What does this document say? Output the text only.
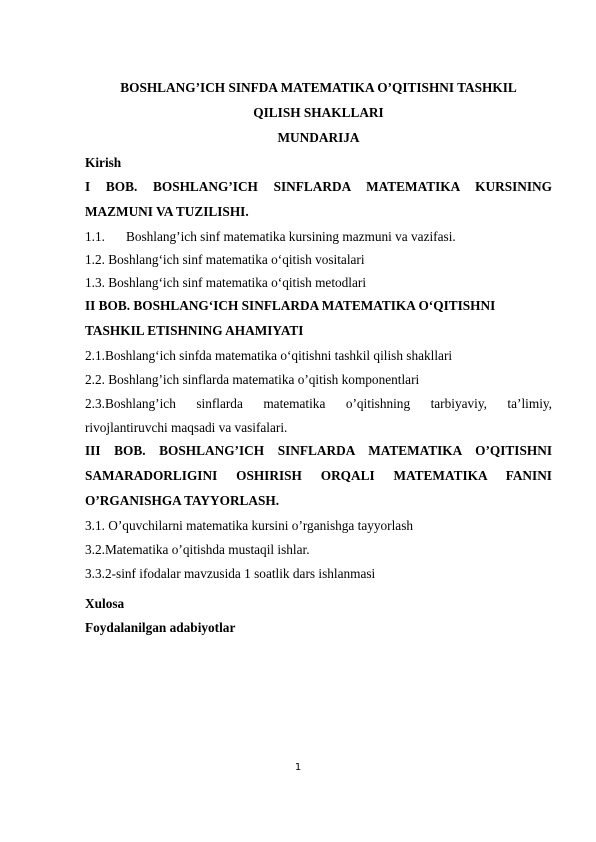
BOSHLANG’ICH SINFDA MATEMATIKA O’QITISHNI TASHKIL
QILISH SHAKLLARI
MUNDARIJA
Kirish
I BOB. BOSHLANG’ICH SINFLARDA MATEMATIKA KURSINING
MAZMUNI VA TUZILISHI.
1.1. Boshlang’ich sinf matematika kursining mazmuni va vazifasi.
1.2. Boshlang‘ich sinf matematika o‘qitish vositalari
1.3. Boshlang‘ich sinf matematika o‘qitish metodlari
II BOB. BOSHLANG‘ICH SINFLARDA MATEMATIKA O‘QITISHNI
TASHKIL ETISHNING AHAMIYATI
2.1.Boshlang‘ich sinfda matematika o‘qitishni tashkil qilish shakllari
2.2. Boshlang’ich sinflarda matematika o’qitish komponentlari
2.3.Boshlang’ich sinflarda matematika o’qitishning tarbiyaviy, ta’limiy,
rivojlantiruvchi maqsadi va vasifalari.
III BOB. BOSHLANG’ICH SINFLARDA MATEMATIKA O’QITISHNI
SAMARADORLIGINI OSHIRISH ORQALI MATEMATIKA FANINI
O’RGANISHGA TAYYORLASH.
3.1. O’quvchilarni matematika kursini o’rganishga tayyorlash
3.2.Matematika o’qitishda mustaqil ishlar.
3.3.2-sinf ifodalar mavzusida 1 soatlik dars ishlanmasi
Xulosa
Foydalanilgan adabiyotlar
1
